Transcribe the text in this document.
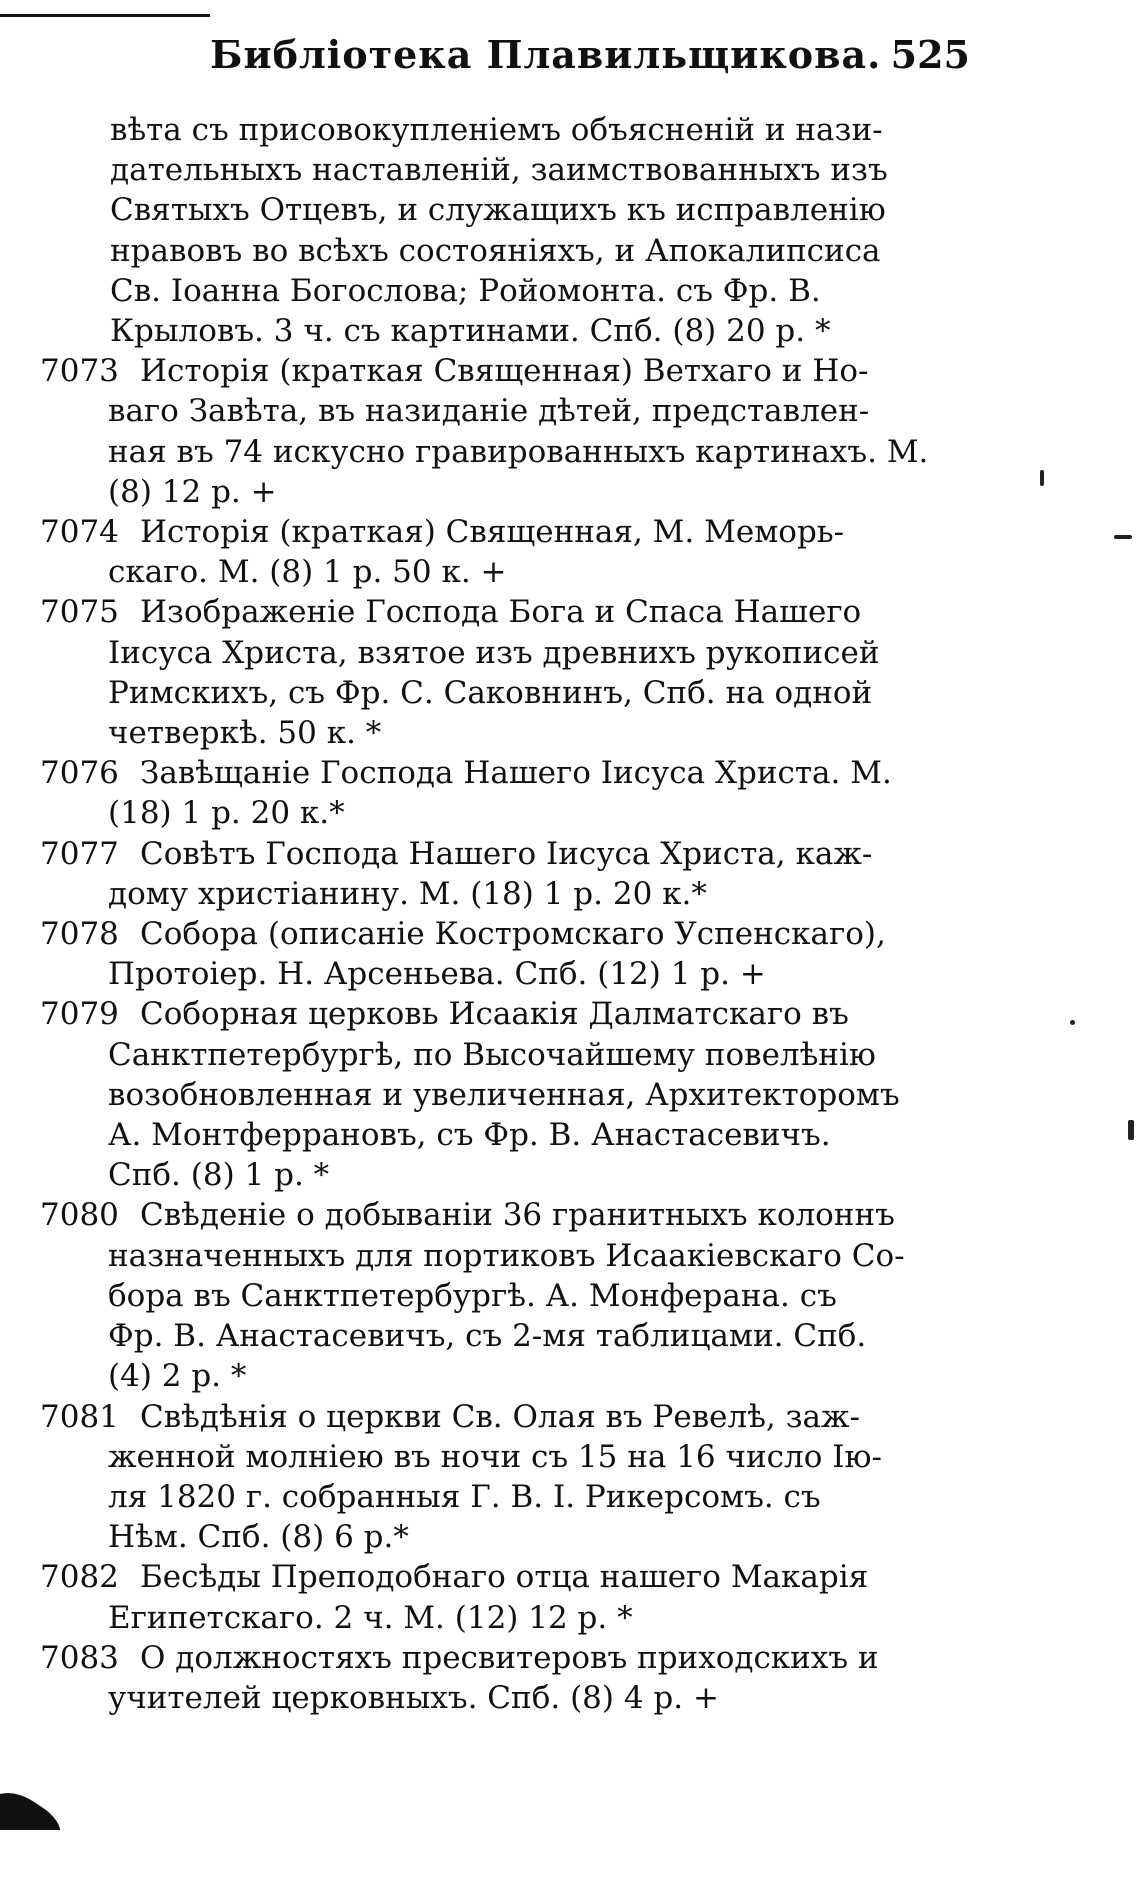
Библіотека Плавильщикова. 525
вѣта съ присовокупленіемъ объясненій и нази-
дательныхъ наставленій, заимствованныхъ изъ
Святыхъ Отцевъ, и служащихъ къ исправленію
нравовъ во всѣхъ состояніяхъ, и Апокалипсиса
Св. Іоанна Богослова; Ройомонта. съ Фр. В.
Крыловъ. 3 ч. съ картинами. Спб. (8) 20 р. *
7073 Исторія (краткая Священная) Ветхаго и Но-
ваго Завѣта, въ назиданіе дѣтей, представлен-
ная въ 74 искусно гравированныхъ картинахъ. М.
(8) 12 р. +
7074 Исторія (краткая) Священная, М. Меморь-
скаго. М. (8) 1 р. 50 к. +
7075 Изображеніе Господа Бога и Спаса Нашего
Іисуса Христа, взятое изъ древнихъ рукописей
Римскихъ, съ Фр. С. Саковнинъ, Спб. на одной
четверкѣ. 50 к. *
7076 Завѣщаніе Господа Нашего Іисуса Христа. М.
(18) 1 р. 20 к.*
7077 Совѣтъ Господа Нашего Іисуса Христа, каж-
дому христіанину. М. (18) 1 р. 20 к.*
7078 Собора (описаніе Костромскаго Успенскаго),
Протоіер. Н. Арсеньева. Спб. (12) 1 р. +
7079 Соборная церковь Исаакія Далматскаго въ
Санктпетербургѣ, по Высочайшему повелѣнію
возобновленная и увеличенная, Архитекторомъ
А. Монтферрановъ, съ Фр. В. Анастасевичъ.
Спб. (8) 1 р. *
7080 Свѣденіе о добываніи 36 гранитныхъ колоннъ
назначенныхъ для портиковъ Исаакіевскаго Со-
бора въ Санктпетербургѣ. А. Монферана. съ
Фр. В. Анастасевичъ, съ 2-мя таблицами. Спб.
(4) 2 р. *
7081 Свѣдѣнія о церкви Св. Олая въ Ревелѣ, заж-
женной молніею въ ночи съ 15 на 16 число Ію-
ля 1820 г. собранныя Г. В. І. Рикерсомъ. съ
Нѣм. Спб. (8) 6 р.*
7082 Бесѣды Преподобнаго отца нашего Макарія
Египетскаго. 2 ч. М. (12) 12 р. *
7083 О должностяхъ пресвитеровъ приходскихъ и
учителей церковныхъ. Спб. (8) 4 р. +
